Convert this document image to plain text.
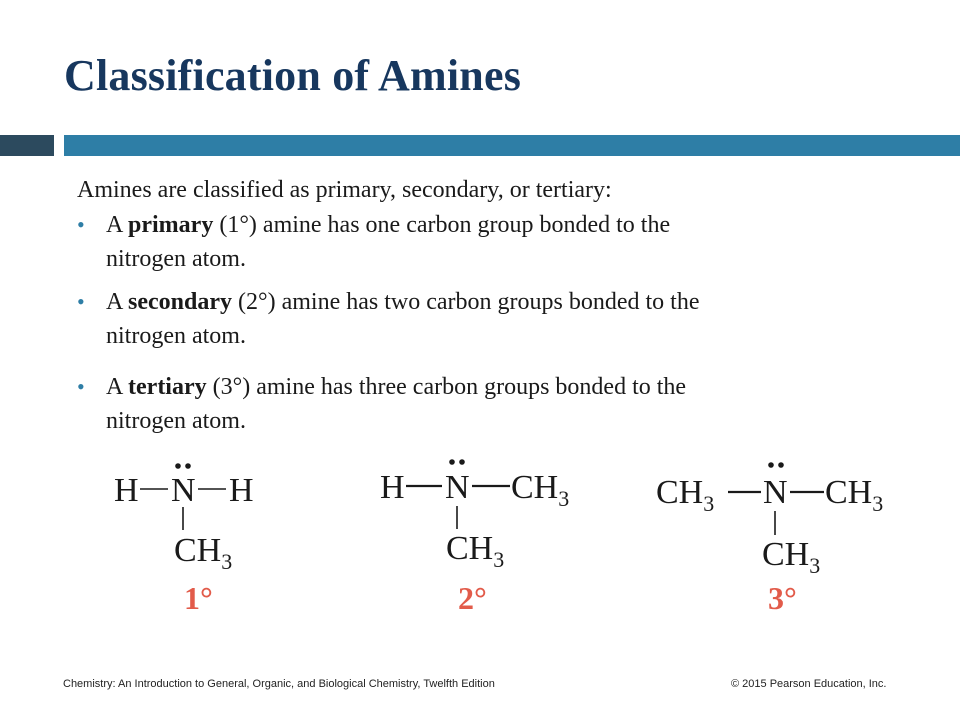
Classification of Amines
Amines are classified as primary, secondary, or tertiary:
• A primary (1°) amine has one carbon group bonded to the
nitrogen atom.
• A secondary (2°) amine has two carbon groups bonded to the
nitrogen atom.
• A tertiary (3°) amine has three carbon groups bonded to the
nitrogen atom.
H N H
$CH_3$
H N $CH_3$
$CH_3$
$CH_3$ N $CH_3$
$CH_3$
1°	2°	3°
Chemistry: An Introduction to General, Organic, and Biological Chemistry, Twelfth Edition	© 2015 Pearson Education, Inc.
